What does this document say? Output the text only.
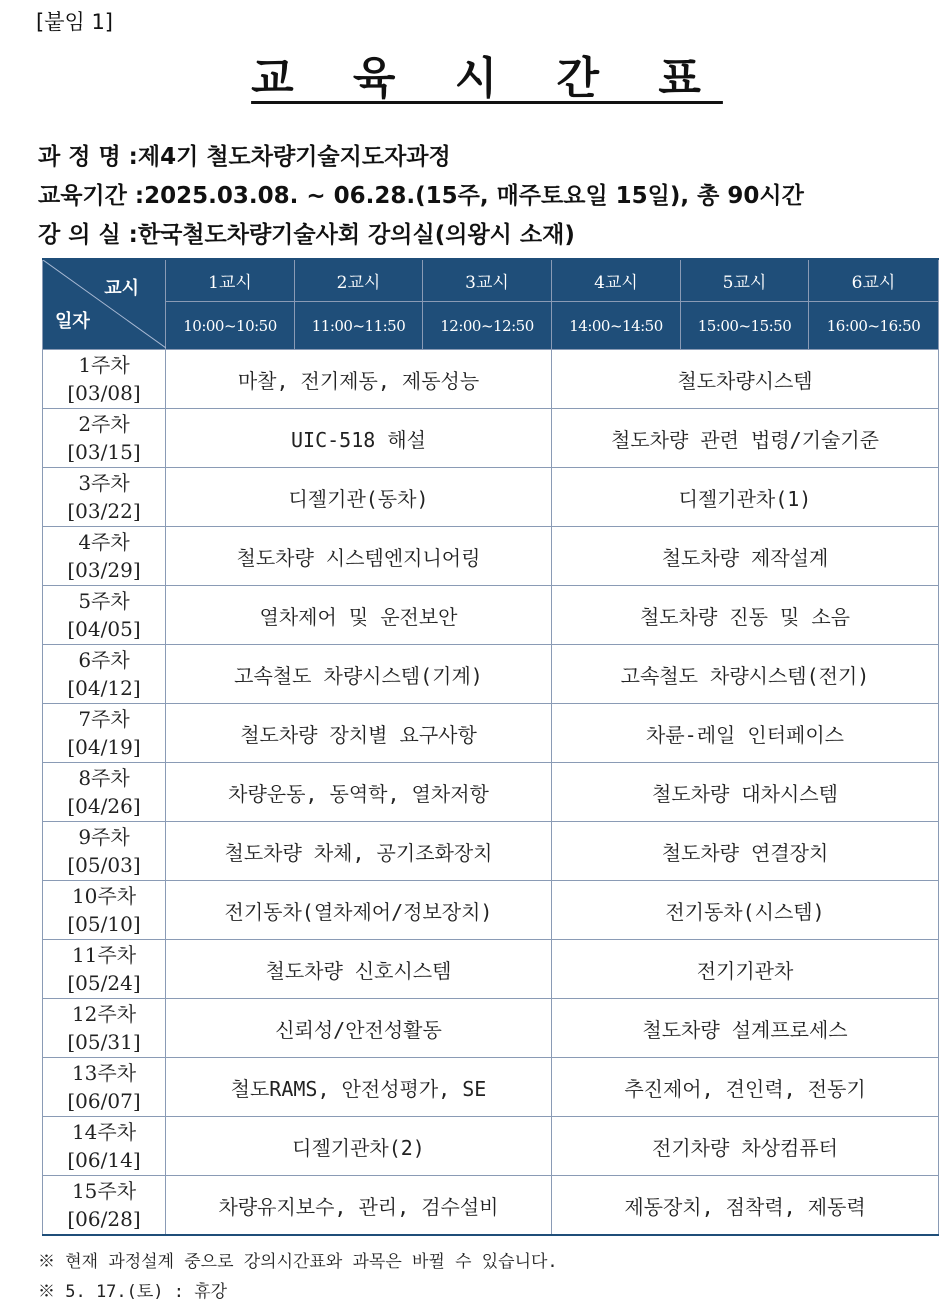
[붙임 1]
교 육 시 간 표
과 정 명 :제4기 철도차량기술지도자과정
교육기간 :2025.03.08. ~ 06.28.(15주, 매주토요일 15일), 총 90시간
강 의 실 :한국철도차량기술사회 강의실(의왕시 소재)
교시
일자	1교시	2교시	3교시	4교시	5교시	6교시
	10:00~10:50	11:00~11:50	12:00~12:50	14:00~14:50	15:00~15:50	16:00~16:50

1주차
[03/08]	마찰, 전기제동, 제동성능			철도차량시스템		

2주차
[03/15]	UIC-518 해설			철도차량 관련 법령/기술기준		

3주차
[03/22]	디젤기관(동차)			디젤기관차(1)		

4주차
[03/29]	철도차량 시스템엔지니어링			철도차량 제작설계		

5주차
[04/05]	열차제어 및 운전보안			철도차량 진동 및 소음		

6주차
[04/12]	고속철도 차량시스템(기계)			고속철도 차량시스템(전기)		

7주차
[04/19]	철도차량 장치별 요구사항			차륜-레일 인터페이스		

8주차
[04/26]	차량운동, 동역학, 열차저항			철도차량 대차시스템		

9주차
[05/03]	철도차량 차체, 공기조화장치			철도차량 연결장치		

10주차
[05/10]	전기동차(열차제어/정보장치)			전기동차(시스템)		

11주차
[05/24]	철도차량 신호시스템			전기기관차		

12주차
[05/31]	신뢰성/안전성활동			철도차량 설계프로세스		

13주차
[06/07]	철도RAMS, 안전성평가, SE			추진제어, 견인력, 전동기		

14주차
[06/14]	디젤기관차(2)			전기차량 차상컴퓨터		

15주차
[06/28]	차량유지보수, 관리, 검수설비			제동장치, 점착력, 제동력		
※ 현재 과정설계 중으로 강의시간표와 과목은 바뀔 수 있습니다.
※ 5. 17.(토) : 휴강
